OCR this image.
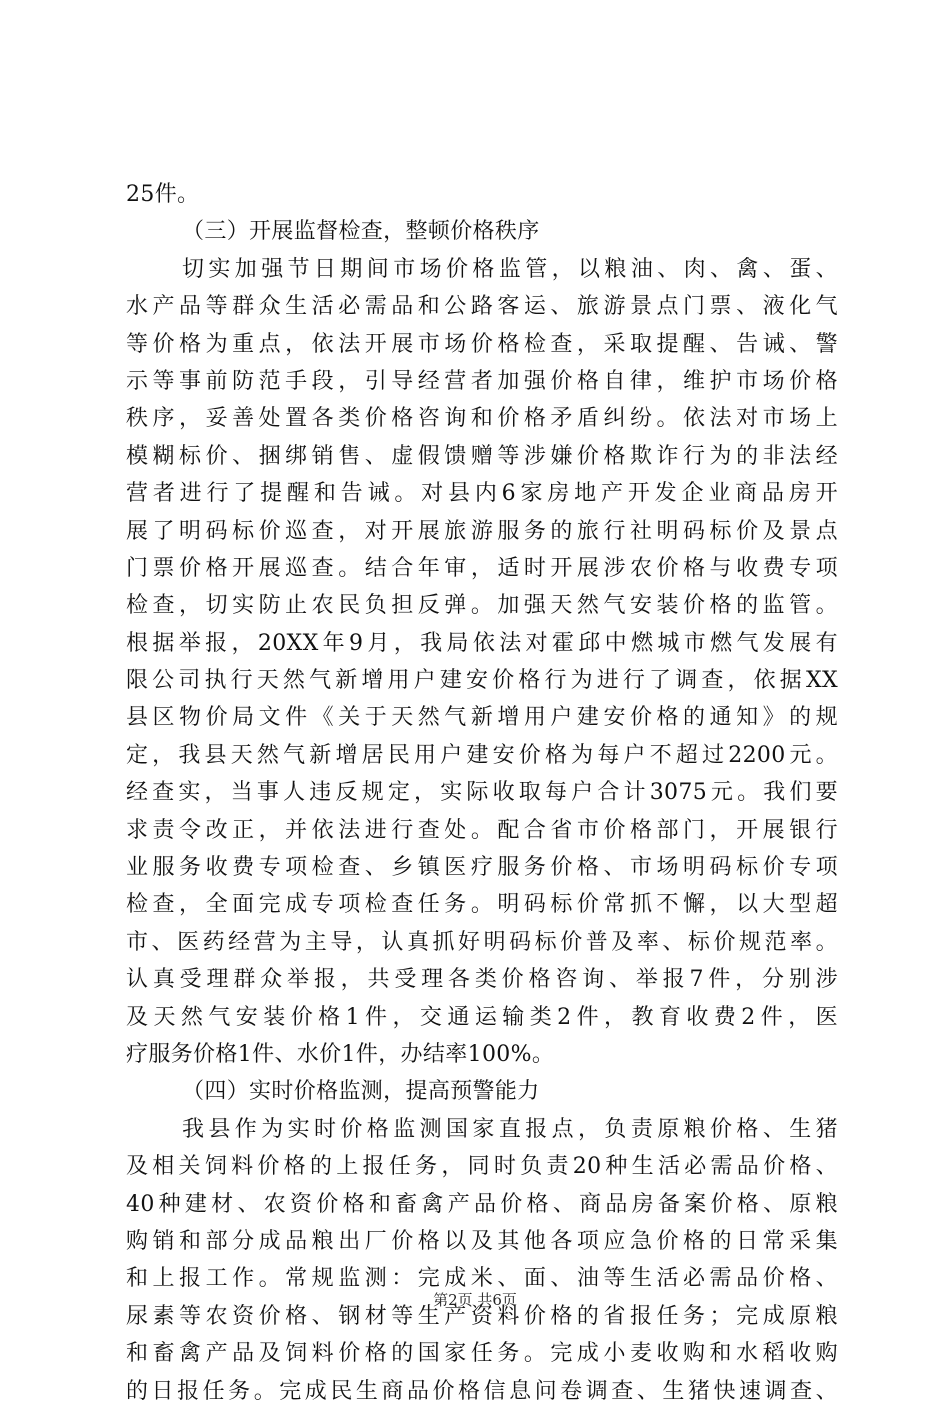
25件。
（三）开展监督检查，整顿价格秩序
切实加强节日期间市场价格监管，以粮油、肉、禽、蛋、
水产品等群众生活必需品和公路客运、旅游景点门票、液化气
等价格为重点，依法开展市场价格检查，采取提醒、告诫、警
示等事前防范手段，引导经营者加强价格自律，维护市场价格
秩序，妥善处置各类价格咨询和价格矛盾纠纷。依法对市场上
模糊标价、捆绑销售、虚假馈赠等涉嫌价格欺诈行为的非法经
营者进行了提醒和告诫。对县内6家房地产开发企业商品房开
展了明码标价巡查，对开展旅游服务的旅行社明码标价及景点
门票价格开展巡查。结合年审，适时开展涉农价格与收费专项
检查，切实防止农民负担反弹。加强天然气安装价格的监管。
根据举报，20XX年9月，我局依法对霍邱中燃城市燃气发展有
限公司执行天然气新增用户建安价格行为进行了调查，依据XX
县区物价局文件《关于天然气新增用户建安价格的通知》的规
定，我县天然气新增居民用户建安价格为每户不超过2200元。
经查实，当事人违反规定，实际收取每户合计3075元。我们要
求责令改正，并依法进行查处。配合省市价格部门，开展银行
业服务收费专项检查、乡镇医疗服务价格、市场明码标价专项
检查，全面完成专项检查任务。明码标价常抓不懈，以大型超
市、医药经营为主导，认真抓好明码标价普及率、标价规范率。
认真受理群众举报，共受理各类价格咨询、举报7件，分别涉
及天然气安装价格1件，交通运输类2件，教育收费2件，医
疗服务价格1件、水价1件，办结率100%。
（四）实时价格监测，提高预警能力
我县作为实时价格监测国家直报点，负责原粮价格、生猪
及相关饲料价格的上报任务，同时负责20种生活必需品价格、
40种建材、农资价格和畜禽产品价格、商品房备案价格、原粮
购销和部分成品粮出厂价格以及其他各项应急价格的日常采集
和上报工作。常规监测：完成米、面、油等生活必需品价格、
尿素等农资价格、钢材等生产资料价格的省报任务；完成原粮
和畜禽产品及饲料价格的国家任务。完成小麦收购和水稻收购
的日报任务。完成民生商品价格信息问卷调查、生猪快速调查、
第2页 共6页
